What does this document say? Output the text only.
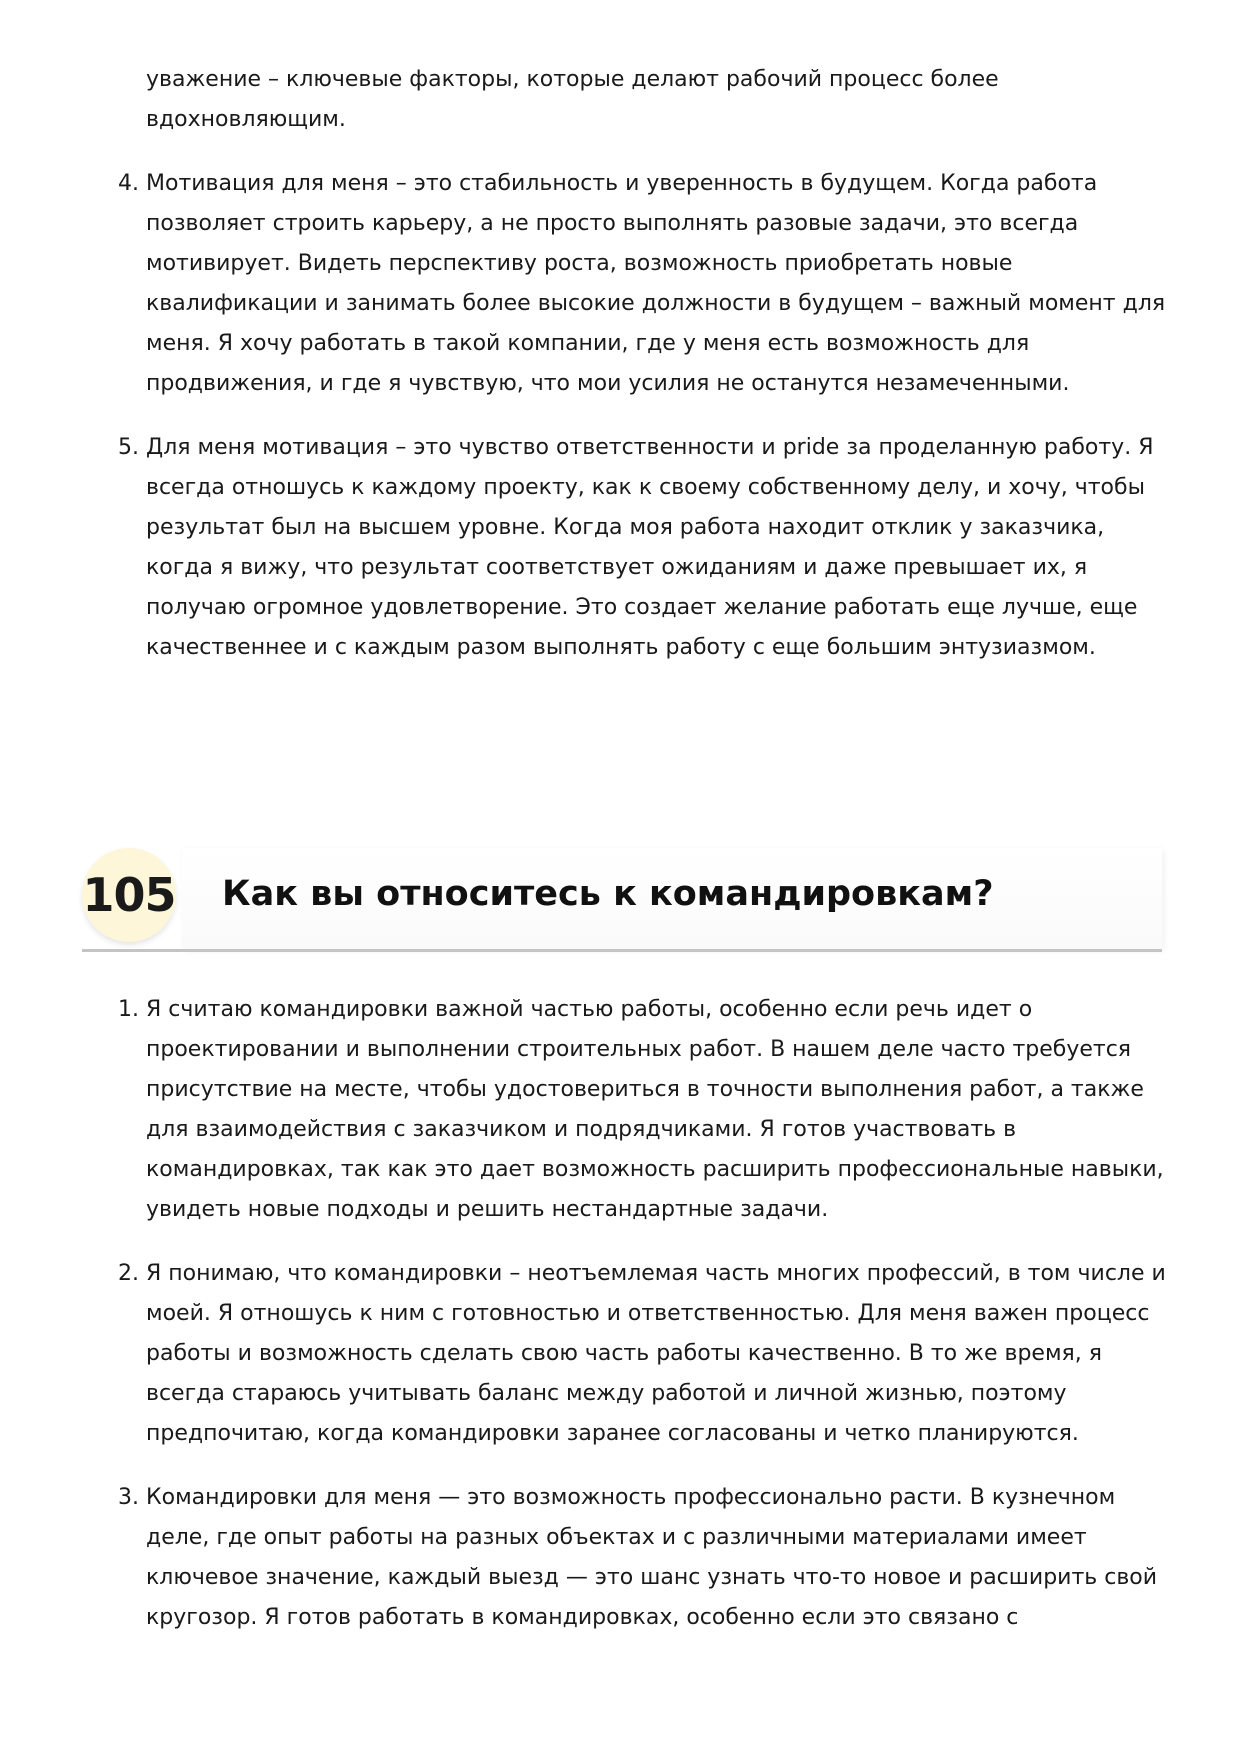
уважение – ключевые факторы, которые делают рабочий процесс более вдохновляющим.
4. Мотивация для меня – это стабильность и уверенность в будущем. Когда работа позволяет строить карьеру, а не просто выполнять разовые задачи, это всегда мотивирует. Видеть перспективу роста, возможность приобретать новые квалификации и занимать более высокие должности в будущем – важный момент для меня. Я хочу работать в такой компании, где у меня есть возможность для продвижения, и где я чувствую, что мои усилия не останутся незамеченными.
5. Для меня мотивация – это чувство ответственности и pride за проделанную работу. Я всегда отношусь к каждому проекту, как к своему собственному делу, и хочу, чтобы результат был на высшем уровне. Когда моя работа находит отклик у заказчика, когда я вижу, что результат соответствует ожиданиям и даже превышает их, я получаю огромное удовлетворение. Это создает желание работать еще лучше, еще качественнее и с каждым разом выполнять работу с еще большим энтузиазмом.
105 Как вы относитесь к командировкам?
1. Я считаю командировки важной частью работы, особенно если речь идет о проектировании и выполнении строительных работ. В нашем деле часто требуется присутствие на месте, чтобы удостовериться в точности выполнения работ, а также для взаимодействия с заказчиком и подрядчиками. Я готов участвовать в командировках, так как это дает возможность расширить профессиональные навыки, увидеть новые подходы и решить нестандартные задачи.
2. Я понимаю, что командировки – неотъемлемая часть многих профессий, в том числе и моей. Я отношусь к ним с готовностью и ответственностью. Для меня важен процесс работы и возможность сделать свою часть работы качественно. В то же время, я всегда стараюсь учитывать баланс между работой и личной жизнью, поэтому предпочитаю, когда командировки заранее согласованы и четко планируются.
3. Командировки для меня — это возможность профессионально расти. В кузнечном деле, где опыт работы на разных объектах и с различными материалами имеет ключевое значение, каждый выезд — это шанс узнать что-то новое и расширить свой кругозор. Я готов работать в командировках, особенно если это связано с
